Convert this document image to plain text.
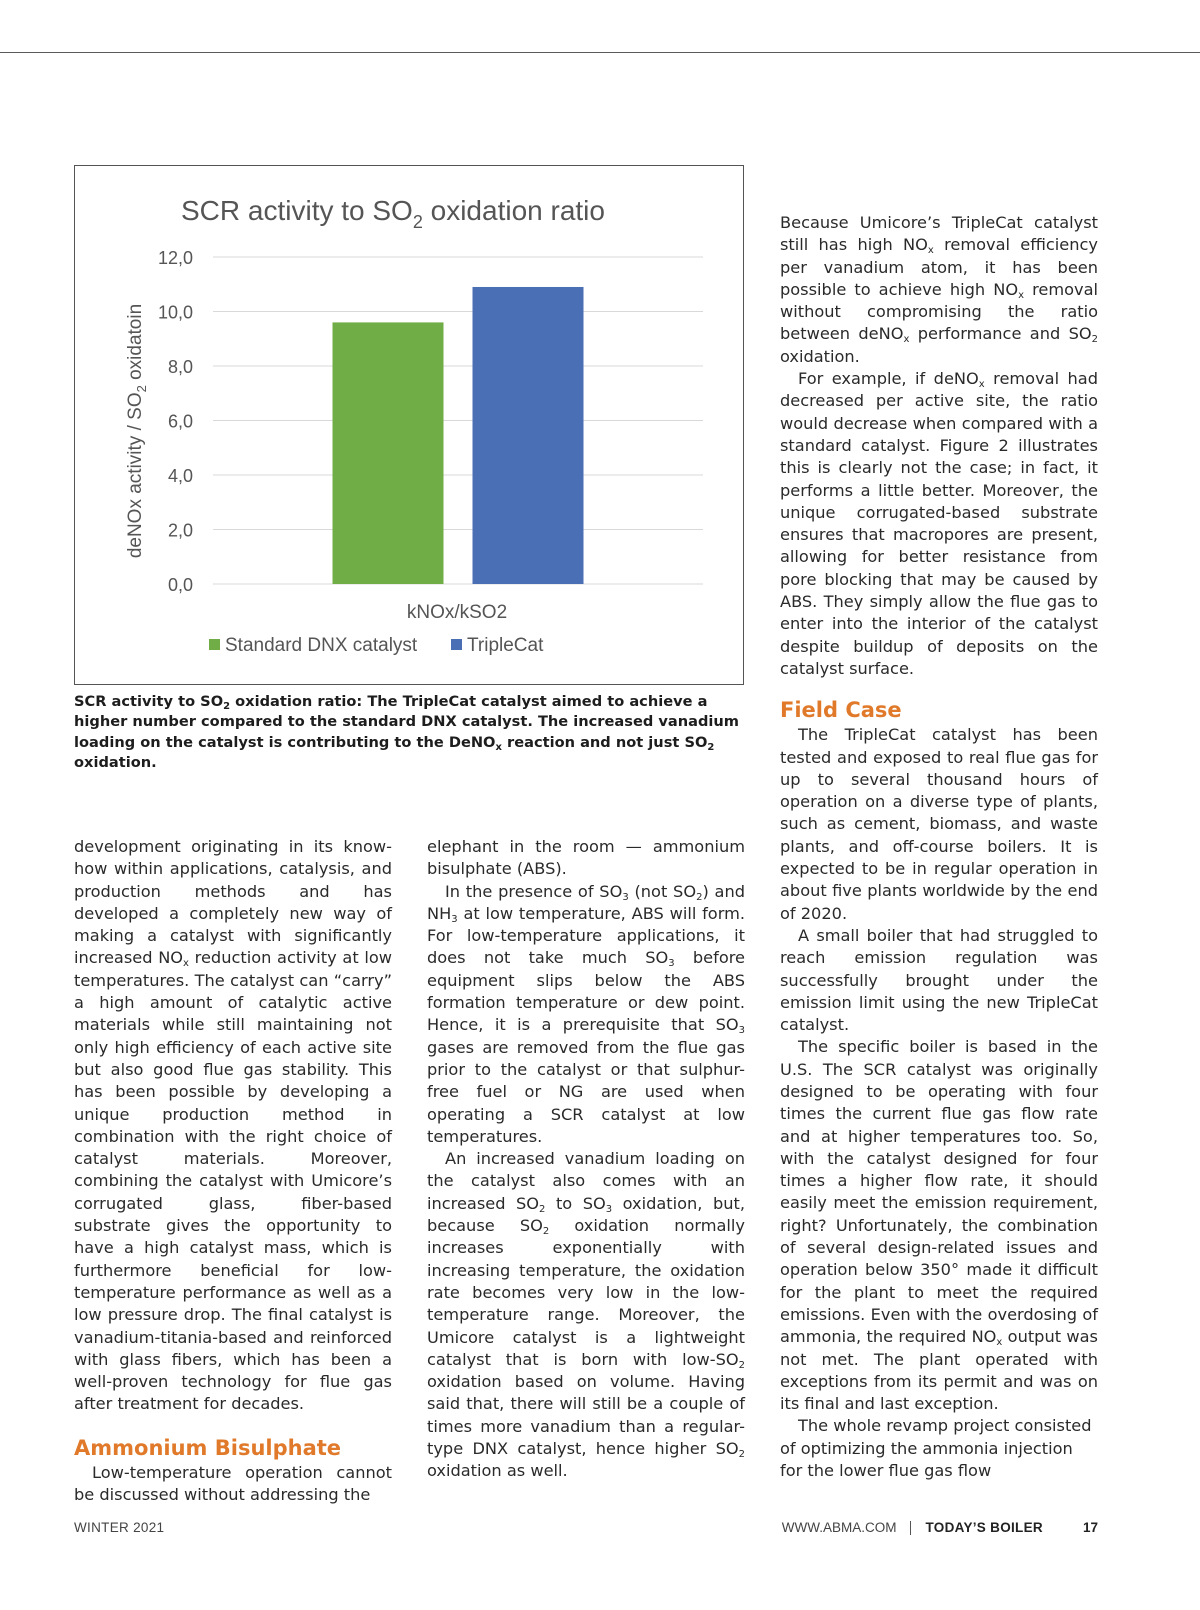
SCR activity to $SO_2$ oxidation ratio
deNOx activity / $SO_2$ oxidatoin
0,0
2,0
4,0
6,0
8,0
10,0
12,0
kNOx/kSO2
Standard DNX catalyst	TripleCat
SCR activity to $SO_2$ oxidation ratio: The TripleCat catalyst aimed to achieve a higher number compared to the standard DNX catalyst. The increased vanadium loading on the catalyst is contributing to the DeNO$_x$ reaction and not just $SO_2$ oxidation.

development originating in its know-how within applications, catalysis, and production methods and has developed a completely new way of making a catalyst with significantly increased $NO_x$ reduction activity at low temperatures. The catalyst can “carry” a high amount of catalytic active materials while still maintaining not only high efficiency of each active site but also good flue gas stability. This has been possible by developing a unique production method in combination with the right choice of catalyst materials. Moreover, combining the catalyst with Umicore’s corrugated glass, fiber-based substrate gives the opportunity to have a high catalyst mass, which is furthermore beneficial for low-temperature performance as well as a low pressure drop. The final catalyst is vanadium-titania-based and reinforced with glass fibers, which has been a well-proven technology for flue gas after treatment for decades.

Ammonium Bisulphate

Low-temperature operation cannot be discussed without addressing the

elephant in the room — ammonium bisulphate (ABS).

In the presence of $SO_3$ (not $SO_2$) and $NH_3$ at low temperature, ABS will form. For low-temperature applications, it does not take much $SO_3$ before equipment slips below the ABS formation temperature or dew point. Hence, it is a prerequisite that $SO_3$ gases are removed from the flue gas prior to the catalyst or that sulphur-free fuel or NG are used when operating a SCR catalyst at low temperatures.

An increased vanadium loading on the catalyst also comes with an increased $SO_2$ to $SO_3$ oxidation, but, because $SO_2$ oxidation normally increases exponentially with increasing temperature, the oxidation rate becomes very low in the low-temperature range. Moreover, the Umicore catalyst is a lightweight catalyst that is born with low-$SO_2$ oxidation based on volume. Having said that, there will still be a couple of times more vanadium than a regular-type DNX catalyst, hence higher $SO_2$ oxidation as well.

Because Umicore’s TripleCat catalyst still has high $NO_x$ removal efficiency per vanadium atom, it has been possible to achieve high $NO_x$ removal without compromising the ratio between deNO$_x$ performance and $SO_2$ oxidation.

For example, if deNO$_x$ removal had decreased per active site, the ratio would decrease when compared with a standard catalyst. Figure 2 illustrates this is clearly not the case; in fact, it performs a little better. Moreover, the unique corrugated-based substrate ensures that macropores are present, allowing for better resistance from pore blocking that may be caused by ABS. They simply allow the flue gas to enter into the interior of the catalyst despite buildup of deposits on the catalyst surface.

Field Case

The TripleCat catalyst has been tested and exposed to real flue gas for up to several thousand hours of operation on a diverse type of plants, such as cement, biomass, and waste plants, and off-course boilers. It is expected to be in regular operation in about five plants worldwide by the end of 2020.

A small boiler that had struggled to reach emission regulation was successfully brought under the emission limit using the new TripleCat catalyst.

The specific boiler is based in the U.S. The SCR catalyst was originally designed to be operating with four times the current flue gas flow rate and at higher temperatures too. So, with the catalyst designed for four times a higher flow rate, it should easily meet the emission requirement, right? Unfortunately, the combination of several design-related issues and operation below 350° made it difficult for the plant to meet the required emissions. Even with the overdosing of ammonia, the required $NO_x$ output was not met. The plant operated with exceptions from its permit and was on its final and last exception.

The whole revamp project consisted of optimizing the ammonia injection for the lower flue gas flow

WINTER 2021	WWW.ABMA.COM TODAY’S BOILER	17
